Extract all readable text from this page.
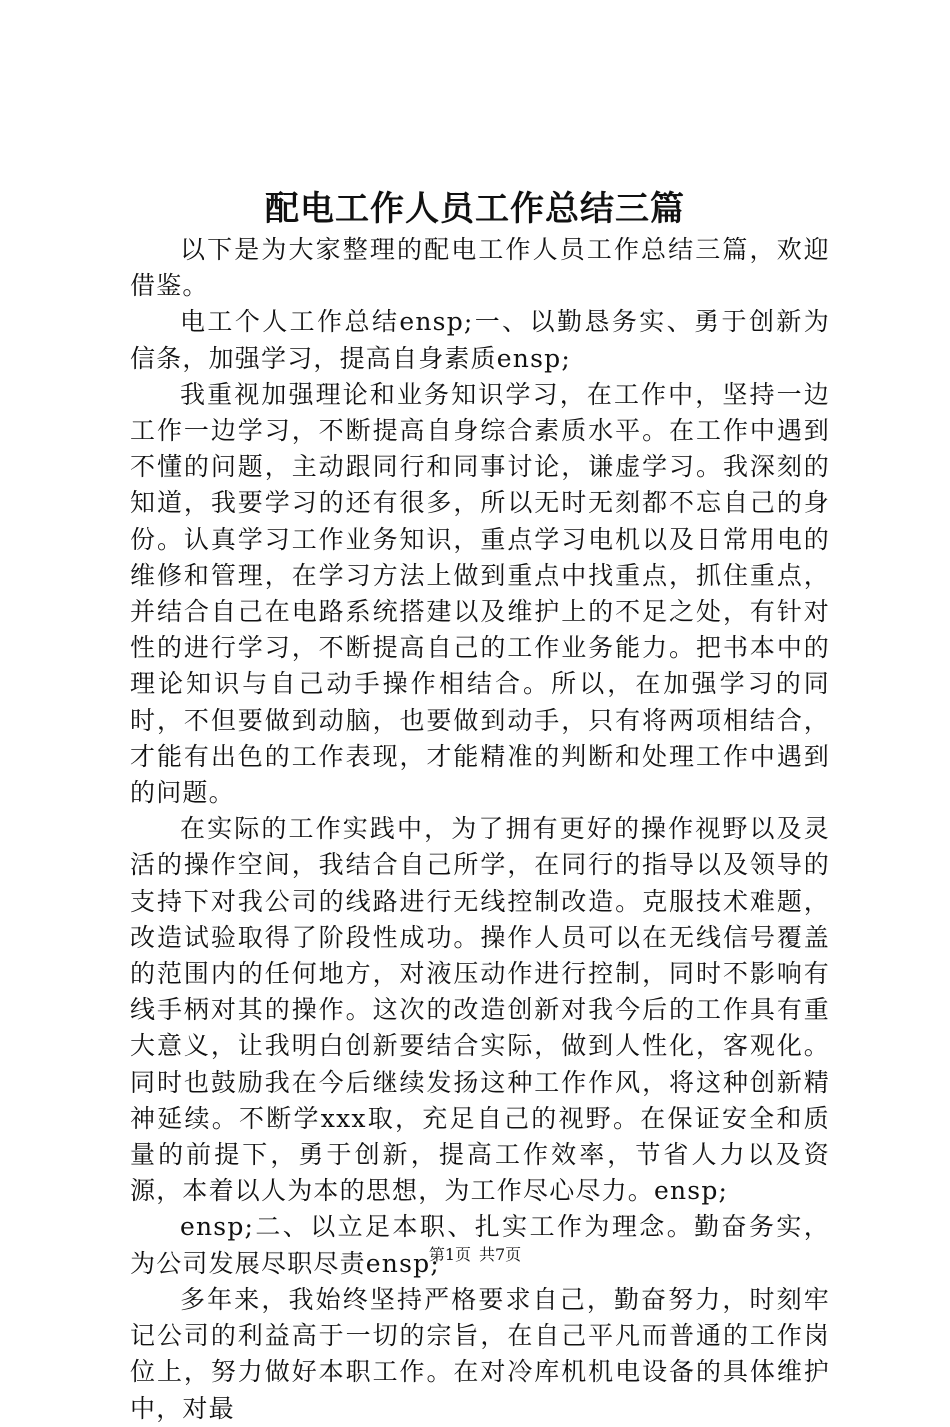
配电工作人员工作总结三篇

以下是为大家整理的配电工作人员工作总结三篇，欢迎借鉴。

电工个人工作总结ensp;一、以勤恳务实、勇于创新为信条，加强学习，提高自身素质ensp;

我重视加强理论和业务知识学习，在工作中，坚持一边工作一边学习，不断提高自身综合素质水平。在工作中遇到不懂的问题，主动跟同行和同事讨论，谦虚学习。我深刻的知道，我要学习的还有很多，所以无时无刻都不忘自己的身份。认真学习工作业务知识，重点学习电机以及日常用电的维修和管理，在学习方法上做到重点中找重点，抓住重点，并结合自己在电路系统搭建以及维护上的不足之处，有针对性的进行学习，不断提高自己的工作业务能力。把书本中的理论知识与自己动手操作相结合。所以，在加强学习的同时，不但要做到动脑，也要做到动手，只有将两项相结合，才能有出色的工作表现，才能精准的判断和处理工作中遇到的问题。

在实际的工作实践中，为了拥有更好的操作视野以及灵活的操作空间，我结合自己所学，在同行的指导以及领导的支持下对我公司的线路进行无线控制改造。克服技术难题，改造试验取得了阶段性成功。操作人员可以在无线信号覆盖的范围内的任何地方，对液压动作进行控制，同时不影响有线手柄对其的操作。这次的改造创新对我今后的工作具有重大意义，让我明白创新要结合实际，做到人性化，客观化。同时也鼓励我在今后继续发扬这种工作作风，将这种创新精神延续。不断学xxx取，充足自己的视野。在保证安全和质量的前提下，勇于创新，提高工作效率，节省人力以及资源，本着以人为本的思想，为工作尽心尽力。ensp;

ensp;二、以立足本职、扎实工作为理念。勤奋务实，为公司发展尽职尽责ensp;

多年来，我始终坚持严格要求自己，勤奋努力，时刻牢记公司的利益高于一切的宗旨，在自己平凡而普通的工作岗位上，努力做好本职工作。在对冷库机机电设备的具体维护中，对最

第1页 共7页
